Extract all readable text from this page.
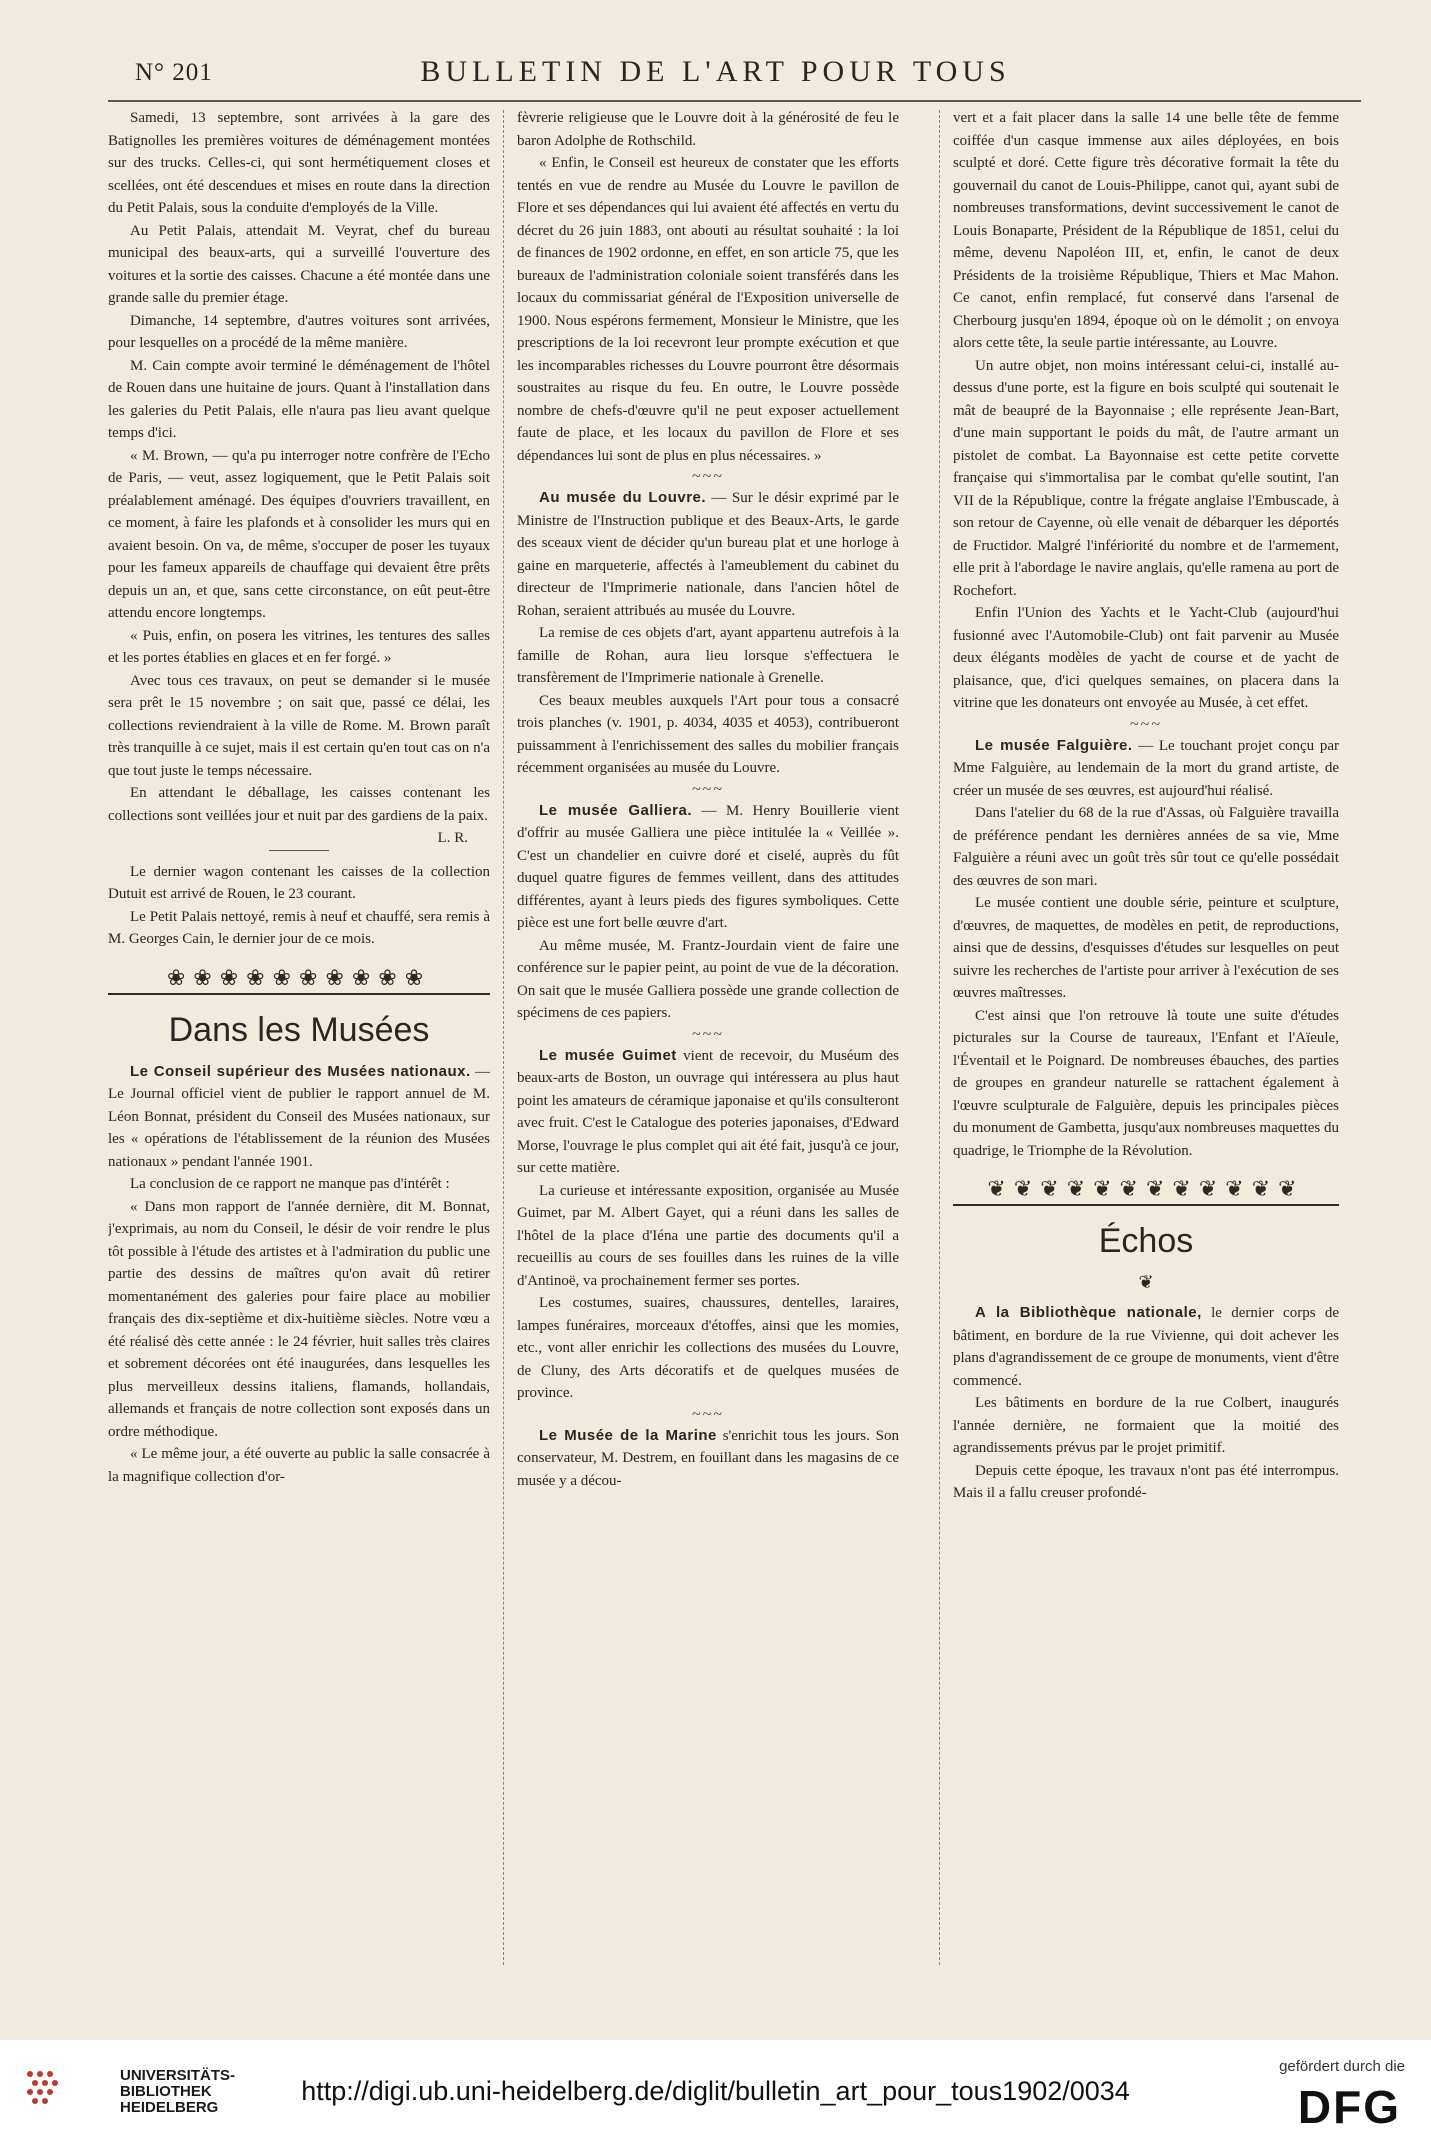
N° 201	BULLETIN DE L'ART POUR TOUS

Samedi, 13 septembre, sont arrivées à la gare des Batignolles les premières voitures de déménagement montées sur des trucks. Celles-ci, qui sont hermétiquement closes et scellées, ont été descendues et mises en route dans la direction du Petit Palais, sous la conduite d'employés de la Ville.

Au Petit Palais, attendait M. Veyrat, chef du bureau municipal des beaux-arts, qui a surveillé l'ouverture des voitures et la sortie des caisses. Chacune a été montée dans une grande salle du premier étage.

Dimanche, 14 septembre, d'autres voitures sont arrivées, pour lesquelles on a procédé de la même manière.

M. Cain compte avoir terminé le déménagement de l'hôtel de Rouen dans une huitaine de jours. Quant à l'installation dans les galeries du Petit Palais, elle n'aura pas lieu avant quelque temps d'ici.

« M. Brown, — qu'a pu interroger notre confrère de l'Echo de Paris, — veut, assez logiquement, que le Petit Palais soit préalablement aménagé. Des équipes d'ouvriers travaillent, en ce moment, à faire les plafonds et à consolider les murs qui en avaient besoin. On va, de même, s'occuper de poser les tuyaux pour les fameux appareils de chauffage qui devaient être prêts depuis un an, et que, sans cette circonstance, on eût peut-être attendu encore longtemps.

« Puis, enfin, on posera les vitrines, les tentures des salles et les portes établies en glaces et en fer forgé. »

Avec tous ces travaux, on peut se demander si le musée sera prêt le 15 novembre ; on sait que, passé ce délai, les collections reviendraient à la ville de Rome. M. Brown paraît très tranquille à ce sujet, mais il est certain qu'en tout cas on n'a que tout juste le temps nécessaire.

En attendant le déballage, les caisses contenant les collections sont veillées jour et nuit par des gardiens de la paix.
L. R.

Le dernier wagon contenant les caisses de la collection Dutuit est arrivé de Rouen, le 23 courant.

Le Petit Palais nettoyé, remis à neuf et chauffé, sera remis à M. Georges Cain, le dernier jour de ce mois.

❀❀❀❀❀❀❀❀❀❀
Dans les Musées

Le Conseil supérieur des Musées nationaux. — Le Journal officiel vient de publier le rapport annuel de M. Léon Bonnat, président du Conseil des Musées nationaux, sur les « opérations de l'établissement de la réunion des Musées nationaux » pendant l'année 1901.

La conclusion de ce rapport ne manque pas d'intérêt :

« Dans mon rapport de l'année dernière, dit M. Bonnat, j'exprimais, au nom du Conseil, le désir de voir rendre le plus tôt possible à l'étude des artistes et à l'admiration du public une partie des dessins de maîtres qu'on avait dû retirer momentanément des galeries pour faire place au mobilier français des dix-septième et dix-huitième siècles. Notre vœu a été réalisé dès cette année : le 24 février, huit salles très claires et sobrement décorées ont été inaugurées, dans lesquelles les plus merveilleux dessins italiens, flamands, hollandais, allemands et français de notre collection sont exposés dans un ordre méthodique.

« Le même jour, a été ouverte au public la salle consacrée à la magnifique collection d'or-

fèvrerie religieuse que le Louvre doit à la générosité de feu le baron Adolphe de Rothschild.

« Enfin, le Conseil est heureux de constater que les efforts tentés en vue de rendre au Musée du Louvre le pavillon de Flore et ses dépendances qui lui avaient été affectés en vertu du décret du 26 juin 1883, ont abouti au résultat souhaité : la loi de finances de 1902 ordonne, en effet, en son article 75, que les bureaux de l'administration coloniale soient transférés dans les locaux du commissariat général de l'Exposition universelle de 1900. Nous espérons fermement, Monsieur le Ministre, que les prescriptions de la loi recevront leur prompte exécution et que les incomparables richesses du Louvre pourront être désormais soustraites au risque du feu. En outre, le Louvre possède nombre de chefs-d'œuvre qu'il ne peut exposer actuellement faute de place, et les locaux du pavillon de Flore et ses dépendances lui sont de plus en plus nécessaires. »

~~~

Au musée du Louvre. — Sur le désir exprimé par le Ministre de l'Instruction publique et des Beaux-Arts, le garde des sceaux vient de décider qu'un bureau plat et une horloge à gaine en marqueterie, affectés à l'ameublement du cabinet du directeur de l'Imprimerie nationale, dans l'ancien hôtel de Rohan, seraient attribués au musée du Louvre.

La remise de ces objets d'art, ayant appartenu autrefois à la famille de Rohan, aura lieu lorsque s'effectuera le transfèrement de l'Imprimerie nationale à Grenelle.

Ces beaux meubles auxquels l'Art pour tous a consacré trois planches (v. 1901, p. 4034, 4035 et 4053), contribueront puissamment à l'enrichissement des salles du mobilier français récemment organisées au musée du Louvre.

~~~

Le musée Galliera. — M. Henry Bouillerie vient d'offrir au musée Galliera une pièce intitulée la « Veillée ». C'est un chandelier en cuivre doré et ciselé, auprès du fût duquel quatre figures de femmes veillent, dans des attitudes différentes, ayant à leurs pieds des figures symboliques. Cette pièce est une fort belle œuvre d'art.

Au même musée, M. Frantz-Jourdain vient de faire une conférence sur le papier peint, au point de vue de la décoration. On sait que le musée Galliera possède une grande collection de spécimens de ces papiers.

~~~

Le musée Guimet vient de recevoir, du Muséum des beaux-arts de Boston, un ouvrage qui intéressera au plus haut point les amateurs de céramique japonaise et qu'ils consulteront avec fruit. C'est le Catalogue des poteries japonaises, d'Edward Morse, l'ouvrage le plus complet qui ait été fait, jusqu'à ce jour, sur cette matière.

La curieuse et intéressante exposition, organisée au Musée Guimet, par M. Albert Gayet, qui a réuni dans les salles de l'hôtel de la place d'Iéna une partie des documents qu'il a recueillis au cours de ses fouilles dans les ruines de la ville d'Antinoë, va prochainement fermer ses portes.

Les costumes, suaires, chaussures, dentelles, laraires, lampes funéraires, morceaux d'étoffes, ainsi que les momies, etc., vont aller enrichir les collections des musées du Louvre, de Cluny, des Arts décoratifs et de quelques musées de province.

~~~

Le Musée de la Marine s'enrichit tous les jours. Son conservateur, M. Destrem, en fouillant dans les magasins de ce musée y a décou-

vert et a fait placer dans la salle 14 une belle tête de femme coiffée d'un casque immense aux ailes déployées, en bois sculpté et doré. Cette figure très décorative formait la tête du gouvernail du canot de Louis-Philippe, canot qui, ayant subi de nombreuses transformations, devint successivement le canot de Louis Bonaparte, Président de la République de 1851, celui du même, devenu Napoléon III, et, enfin, le canot de deux Présidents de la troisième République, Thiers et Mac Mahon. Ce canot, enfin remplacé, fut conservé dans l'arsenal de Cherbourg jusqu'en 1894, époque où on le démolit ; on envoya alors cette tête, la seule partie intéressante, au Louvre.

Un autre objet, non moins intéressant celui-ci, installé au-dessus d'une porte, est la figure en bois sculpté qui soutenait le mât de beaupré de la Bayonnaise ; elle représente Jean-Bart, d'une main supportant le poids du mât, de l'autre armant un pistolet de combat. La Bayonnaise est cette petite corvette française qui s'immortalisa par le combat qu'elle soutint, l'an VII de la République, contre la frégate anglaise l'Embuscade, à son retour de Cayenne, où elle venait de débarquer les déportés de Fructidor. Malgré l'infériorité du nombre et de l'armement, elle prit à l'abordage le navire anglais, qu'elle ramena au port de Rochefort.

Enfin l'Union des Yachts et le Yacht-Club (aujourd'hui fusionné avec l'Automobile-Club) ont fait parvenir au Musée deux élégants modèles de yacht de course et de yacht de plaisance, que, d'ici quelques semaines, on placera dans la vitrine que les donateurs ont envoyée au Musée, à cet effet.

~~~

Le musée Falguière. — Le touchant projet conçu par Mme Falguière, au lendemain de la mort du grand artiste, de créer un musée de ses œuvres, est aujourd'hui réalisé.

Dans l'atelier du 68 de la rue d'Assas, où Falguière travailla de préférence pendant les dernières années de sa vie, Mme Falguière a réuni avec un goût très sûr tout ce qu'elle possédait des œuvres de son mari.

Le musée contient une double série, peinture et sculpture, d'œuvres, de maquettes, de modèles en petit, de reproductions, ainsi que de dessins, d'esquisses d'études sur lesquelles on peut suivre les recherches de l'artiste pour arriver à l'exécution de ses œuvres maîtresses.

C'est ainsi que l'on retrouve là toute une suite d'études picturales sur la Course de taureaux, l'Enfant et l'Aïeule, l'Éventail et le Poignard. De nombreuses ébauches, des parties de groupes en grandeur naturelle se rattachent également à l'œuvre sculpturale de Falguière, depuis les principales pièces du monument de Gambetta, jusqu'aux nombreuses maquettes du quadrige, le Triomphe de la Révolution.

❦❦❦❦❦❦❦❦❦❦❦❦
Échos
❦

A la Bibliothèque nationale, le dernier corps de bâtiment, en bordure de la rue Vivienne, qui doit achever les plans d'agrandissement de ce groupe de monuments, vient d'être commencé.

Les bâtiments en bordure de la rue Colbert, inaugurés l'année dernière, ne formaient que la moitié des agrandissements prévus par le projet primitif.

Depuis cette époque, les travaux n'ont pas été interrompus. Mais il a fallu creuser profondé-

UNIVERSITÄTS-
BIBLIOTHEK
HEIDELBERG
http://digi.ub.uni-heidelberg.de/diglit/bulletin_art_pour_tous1902/0034
gefördert durch die
DFG
